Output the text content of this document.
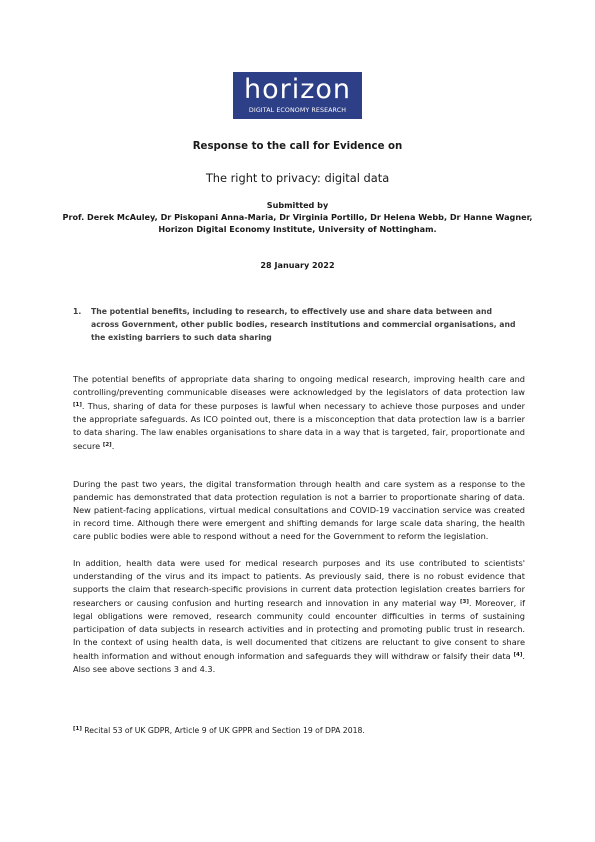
horizon
DIGITAL ECONOMY RESEARCH
Response to the call for Evidence on
The right to privacy: digital data
Submitted by
Prof. Derek McAuley, Dr Piskopani Anna-Maria, Dr Virginia Portillo, Dr Helena Webb, Dr Hanne Wagner, Horizon Digital Economy Institute, University of Nottingham.
28 January 2022
1. The potential benefits, including to research, to effectively use and share data between and across Government, other public bodies, research institutions and commercial organisations, and the existing barriers to such data sharing
The potential benefits of appropriate data sharing to ongoing medical research, improving health care and controlling/preventing communicable diseases were acknowledged by the legislators of data protection law [1]. Thus, sharing of data for these purposes is lawful when necessary to achieve those purposes and under the appropriate safeguards. As ICO pointed out, there is a misconception that data protection law is a barrier to data sharing. The law enables organisations to share data in a way that is targeted, fair, proportionate and secure [2].
During the past two years, the digital transformation through health and care system as a response to the pandemic has demonstrated that data protection regulation is not a barrier to proportionate sharing of data. New patient-facing applications, virtual medical consultations and COVID-19 vaccination service was created in record time. Although there were emergent and shifting demands for large scale data sharing, the health care public bodies were able to respond without a need for the Government to reform the legislation.
In addition, health data were used for medical research purposes and its use contributed to scientists' understanding of the virus and its impact to patients. As previously said, there is no robust evidence that supports the claim that research-specific provisions in current data protection legislation creates barriers for researchers or causing confusion and hurting research and innovation in any material way [3]. Moreover, if legal obligations were removed, research community could encounter difficulties in terms of sustaining participation of data subjects in research activities and in protecting and promoting public trust in research. In the context of using health data, is well documented that citizens are reluctant to give consent to share health information and without enough information and safeguards they will withdraw or falsify their data [4]. Also see above sections 3 and 4.3.
[1] Recital 53 of UK GDPR, Article 9 of UK GPPR and Section 19 of DPA 2018.
